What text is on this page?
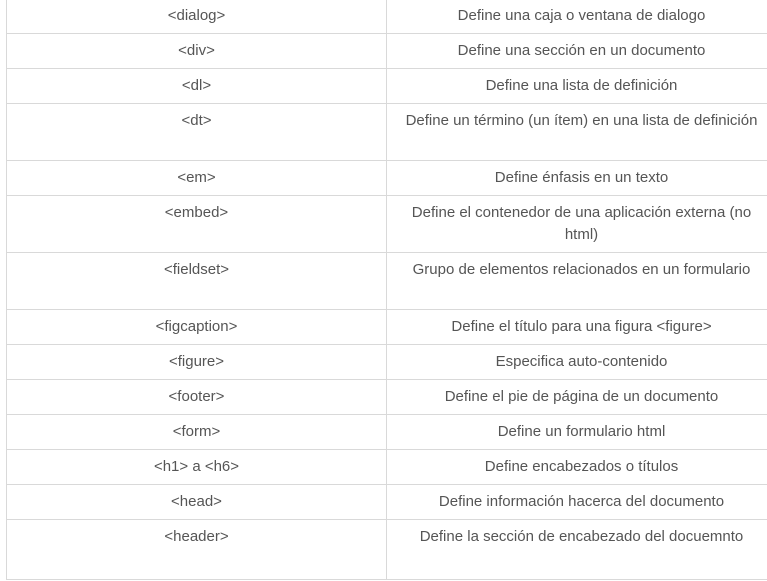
<dialog>	Define una caja o ventana de dialogo
<div>	Define una sección en un documento
<dl>	Define una lista de definición
<dt>	Define un término (un ítem) en una lista de definición
<em>	Define énfasis en un texto
<embed>	Define el contenedor de una aplicación externa (no html)
<fieldset>	Grupo de elementos relacionados en un formulario
<figcaption>	Define el título para una figura <figure>
<figure>	Especifica auto-contenido
<footer>	Define el pie de página de un documento
<form>	Define un formulario html
<h1> a <h6>	Define encabezados o títulos
<head>	Define información hacerca del documento
<header>	Define la sección de encabezado del docuemnto
